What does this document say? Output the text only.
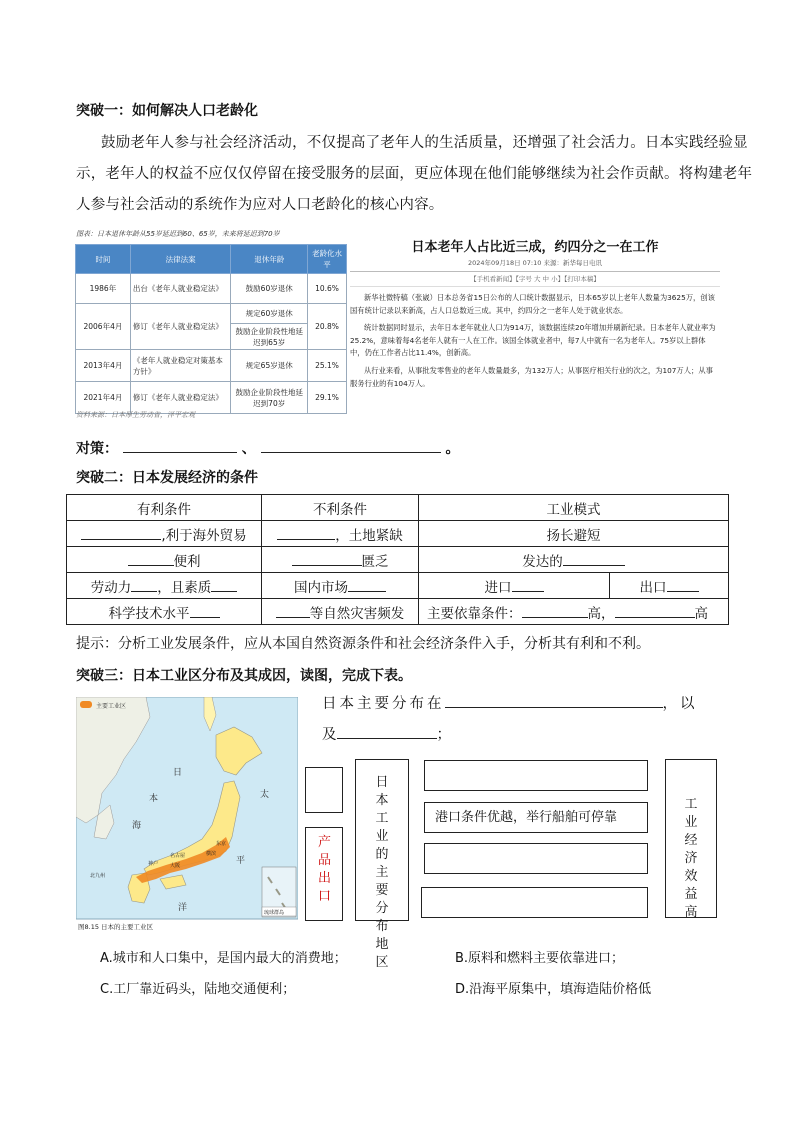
突破一：如何解决人口老龄化
鼓励老年人参与社会经济活动，不仅提高了老年人的生活质量，还增强了社会活力。日本实践经验显
示，老年人的权益不应仅仅停留在接受服务的层面，更应体现在他们能够继续为社会作贡献。将构建老年
人参与社会活动的系统作为应对人口老龄化的核心内容。
图表：日本退休年龄从55岁延迟到60、65岁，未来将延迟到70岁
时间	法律法案	退休年龄	老龄化水平
1986年	出台《老年人就业稳定法》	鼓励60岁退休	10.6%
2006年4月	修订《老年人就业稳定法》	规定60岁退休	20.8%
		鼓励企业阶段性地延迟到65岁	
2013年4月	《老年人就业稳定对策基本方针》	规定65岁退休	25.1%
2021年4月	修订《老年人就业稳定法》	鼓励企业阶段性地延迟到70岁	29.1%
资料来源：日本厚生劳动省，泽平宏观
日本老年人占比近三成，约四分之一在工作
2024年09月18日 07:10 来源：新华每日电讯
【手机看新闻】【字号 大 中 小】【打印本稿】

新华社微特稿（张崴）日本总务省15日公布的人口统计数据显示，日本65岁以上老年人数量为3625万，创该国有统计记录以来新高，占人口总数近三成。其中，约四分之一老年人处于就业状态。

统计数据同时显示，去年日本老年就业人口为914万，该数据连续20年增加并刷新纪录。日本老年人就业率为25.2%，意味着每4名老年人就有一人在工作。该国全体就业者中，每7人中就有一名为老年人。75岁以上群体中，仍在工作者占比11.4%，创新高。

从行业来看，从事批发零售业的老年人数量最多，为132万人；从事医疗相关行业的次之，为107万人；从事服务行业的有104万人。

对策：	、	。
突破二：日本发展经济的条件
有利条件	不利条件	工业模式	
,利于海外贸易	，土地紧缺	扬长避短	
便利	匮乏	发达的	
劳动力 ，且素质	国内市场	进口	出口
科学技术水平	等自然灾害频发	主要依靠条件： 高， 高	
提示：分析工业发展条件，应从本国自然资源条件和社会经济条件入手，分析其有利和不利。
突破三：日本工业区分布及其成因，读图，完成下表。
主要工业区
日
本
海
太
平
洋
东京
横滨
名古屋
大阪
神户
北九州
琉球群岛
图8.15 日本的主要工业区
日本主要分布在	，以
及	；
产品出口
日本工业的主要分布地区
港口条件优越，举行船舶可停靠
工业经济效益高
A.城市和人口集中，是国内最大的消费地；	B.原料和燃料主要依靠进口；
C.工厂靠近码头，陆地交通便利；	D.沿海平原集中，填海造陆价格低
